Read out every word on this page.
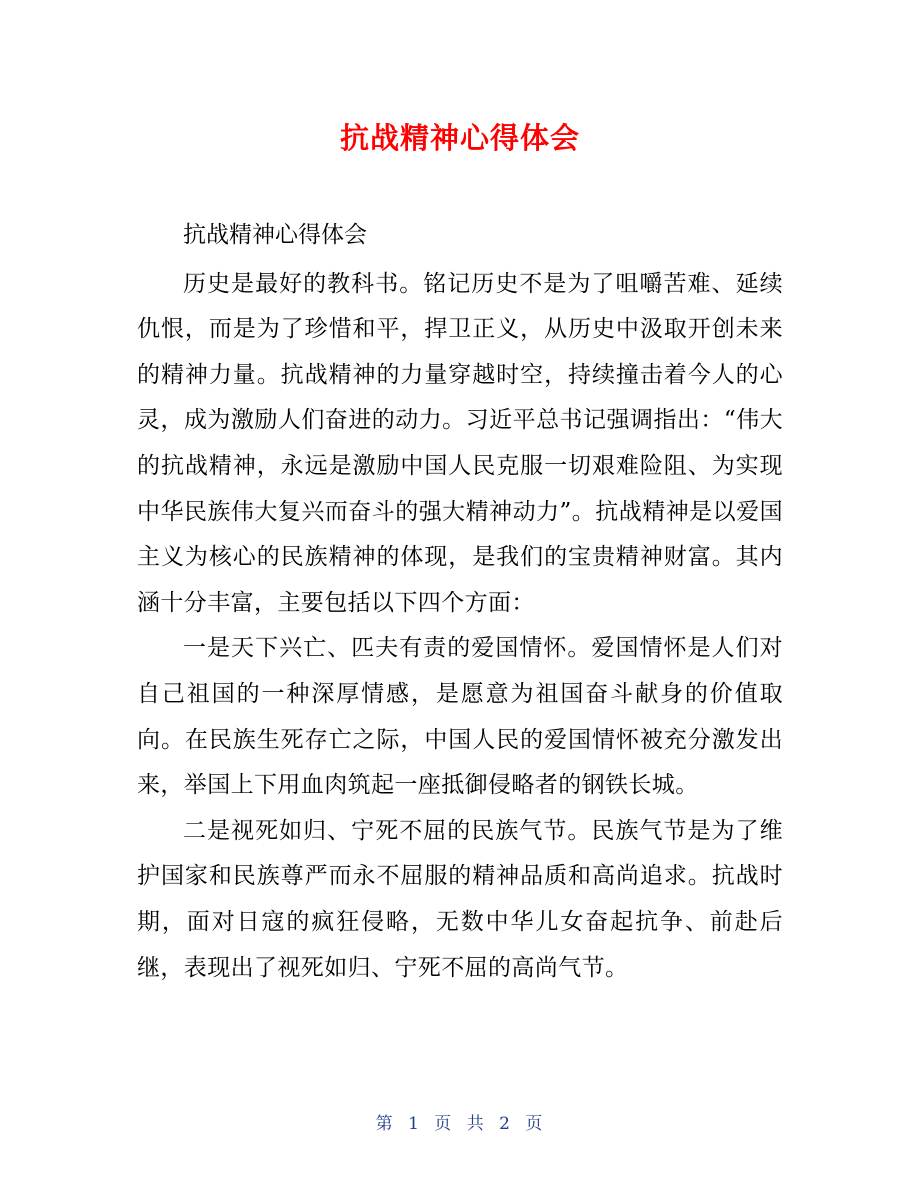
抗战精神心得体会

抗战精神心得体会

历史是最好的教科书。铭记历史不是为了咀嚼苦难、延续仇恨，而是为了珍惜和平，捍卫正义，从历史中汲取开创未来的精神力量。抗战精神的力量穿越时空，持续撞击着今人的心灵，成为激励人们奋进的动力。习近平总书记强调指出：“伟大的抗战精神，永远是激励中国人民克服一切艰难险阻、为实现中华民族伟大复兴而奋斗的强大精神动力”。抗战精神是以爱国主义为核心的民族精神的体现，是我们的宝贵精神财富。其内涵十分丰富，主要包括以下四个方面：

一是天下兴亡、匹夫有责的爱国情怀。爱国情怀是人们对自己祖国的一种深厚情感，是愿意为祖国奋斗献身的价值取向。在民族生死存亡之际，中国人民的爱国情怀被充分激发出来，举国上下用血肉筑起一座抵御侵略者的钢铁长城。

二是视死如归、宁死不屈的民族气节。民族气节是为了维护国家和民族尊严而永不屈服的精神品质和高尚追求。抗战时期，面对日寇的疯狂侵略，无数中华儿女奋起抗争、前赴后继，表现出了视死如归、宁死不屈的高尚气节。

第 1 页 共 2 页
